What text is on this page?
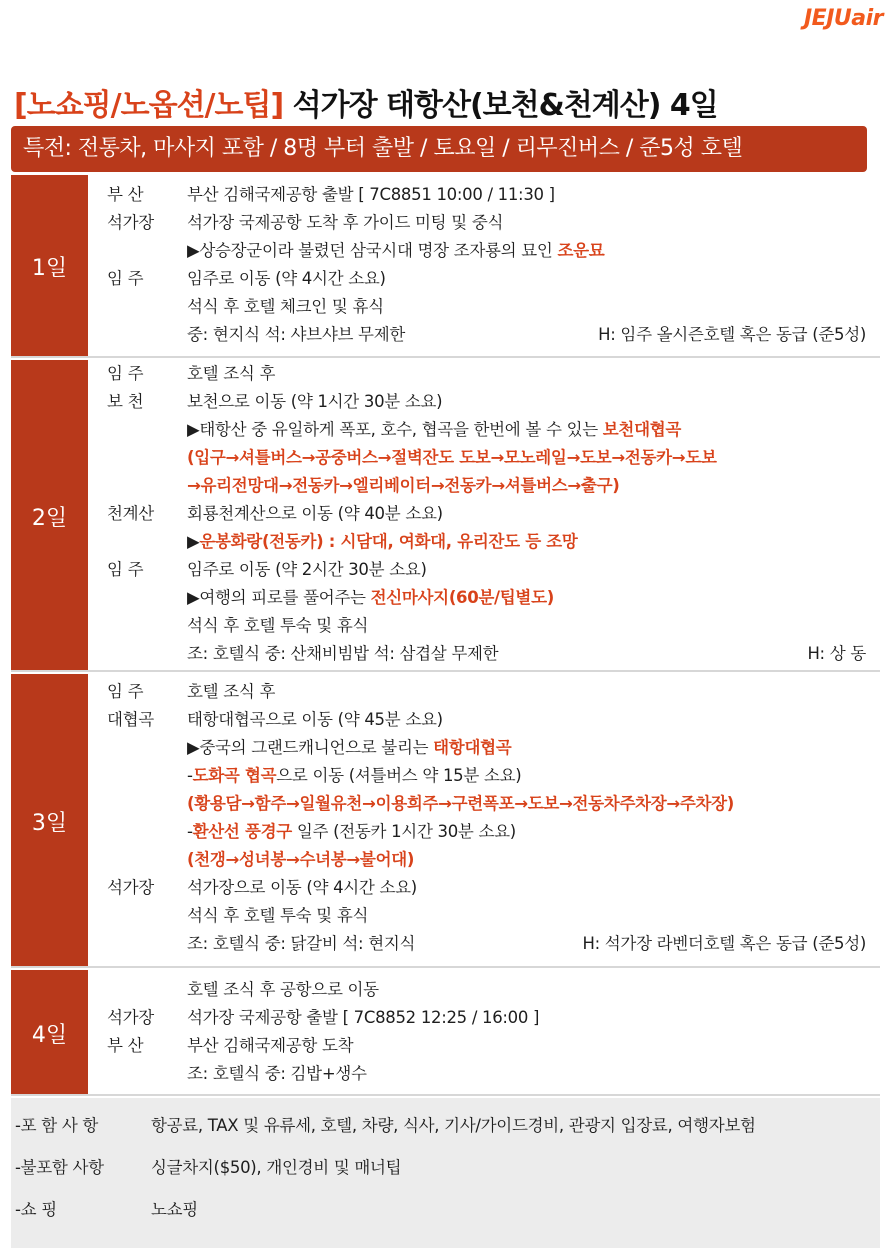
JEJUair
[노쇼핑/노옵션/노팁] 석가장 태항산(보천&천계산) 4일
특전: 전통차, 마사지 포함 / 8명 부터 출발 / 토요일 / 리무진버스 / 준5성 호텔
1일
부 산	부산 김해국제공항 출발 [ 7C8851 10:00 / 11:30 ]
석가장	석가장 국제공항 도착 후 가이드 미팅 및 중식
▶상승장군이라 불렸던 삼국시대 명장 조자룡의 묘인 조운묘
임 주	임주로 이동 (약 4시간 소요)
석식 후 호텔 체크인 및 휴식
중: 현지식 석: 샤브샤브 무제한	H: 임주 올시즌호텔 혹은 동급 (준5성)
2일
임 주	호텔 조식 후
보 천	보천으로 이동 (약 1시간 30분 소요)
▶태항산 중 유일하게 폭포, 호수, 협곡을 한번에 볼 수 있는 보천대협곡
(입구→셔틀버스→공중버스→절벽잔도 도보→모노레일→도보→전동카→도보
→유리전망대→전동카→엘리베이터→전동카→셔틀버스→출구)
천계산	회룡천계산으로 이동 (약 40분 소요)
▶운봉화랑(전동카) : 시담대, 여화대, 유리잔도 등 조망
임 주	임주로 이동 (약 2시간 30분 소요)
▶여행의 피로를 풀어주는 전신마사지(60분/팁별도)
석식 후 호텔 투숙 및 휴식
조: 호텔식 중: 산채비빔밥 석: 삼겹살 무제한	H: 상 동
3일
임 주	호텔 조식 후
대협곡	태항대협곡으로 이동 (약 45분 소요)
▶중국의 그랜드캐니언으로 불리는 태항대협곡
-도화곡 협곡으로 이동 (셔틀버스 약 15분 소요)
(황용담→함주→일월유천→이용희주→구련폭포→도보→전동차주차장→주차장)
-환산선 풍경구 일주 (전동카 1시간 30분 소요)
(천갱→성녀봉→수녀봉→불어대)
석가장	석가장으로 이동 (약 4시간 소요)
석식 후 호텔 투숙 및 휴식
조: 호텔식 중: 닭갈비 석: 현지식	H: 석가장 라벤더호텔 혹은 동급 (준5성)
4일
호텔 조식 후 공항으로 이동
석가장	석가장 국제공항 출발 [ 7C8852 12:25 / 16:00 ]
부 산	부산 김해국제공항 도착
조: 호텔식 중: 김밥+생수
-포 함 사 항	항공료, TAX 및 유류세, 호텔, 차량, 식사, 기사/가이드경비, 관광지 입장료, 여행자보험
-불포함 사항	싱글차지($50), 개인경비 및 매너팁
-쇼 핑	노쇼핑
